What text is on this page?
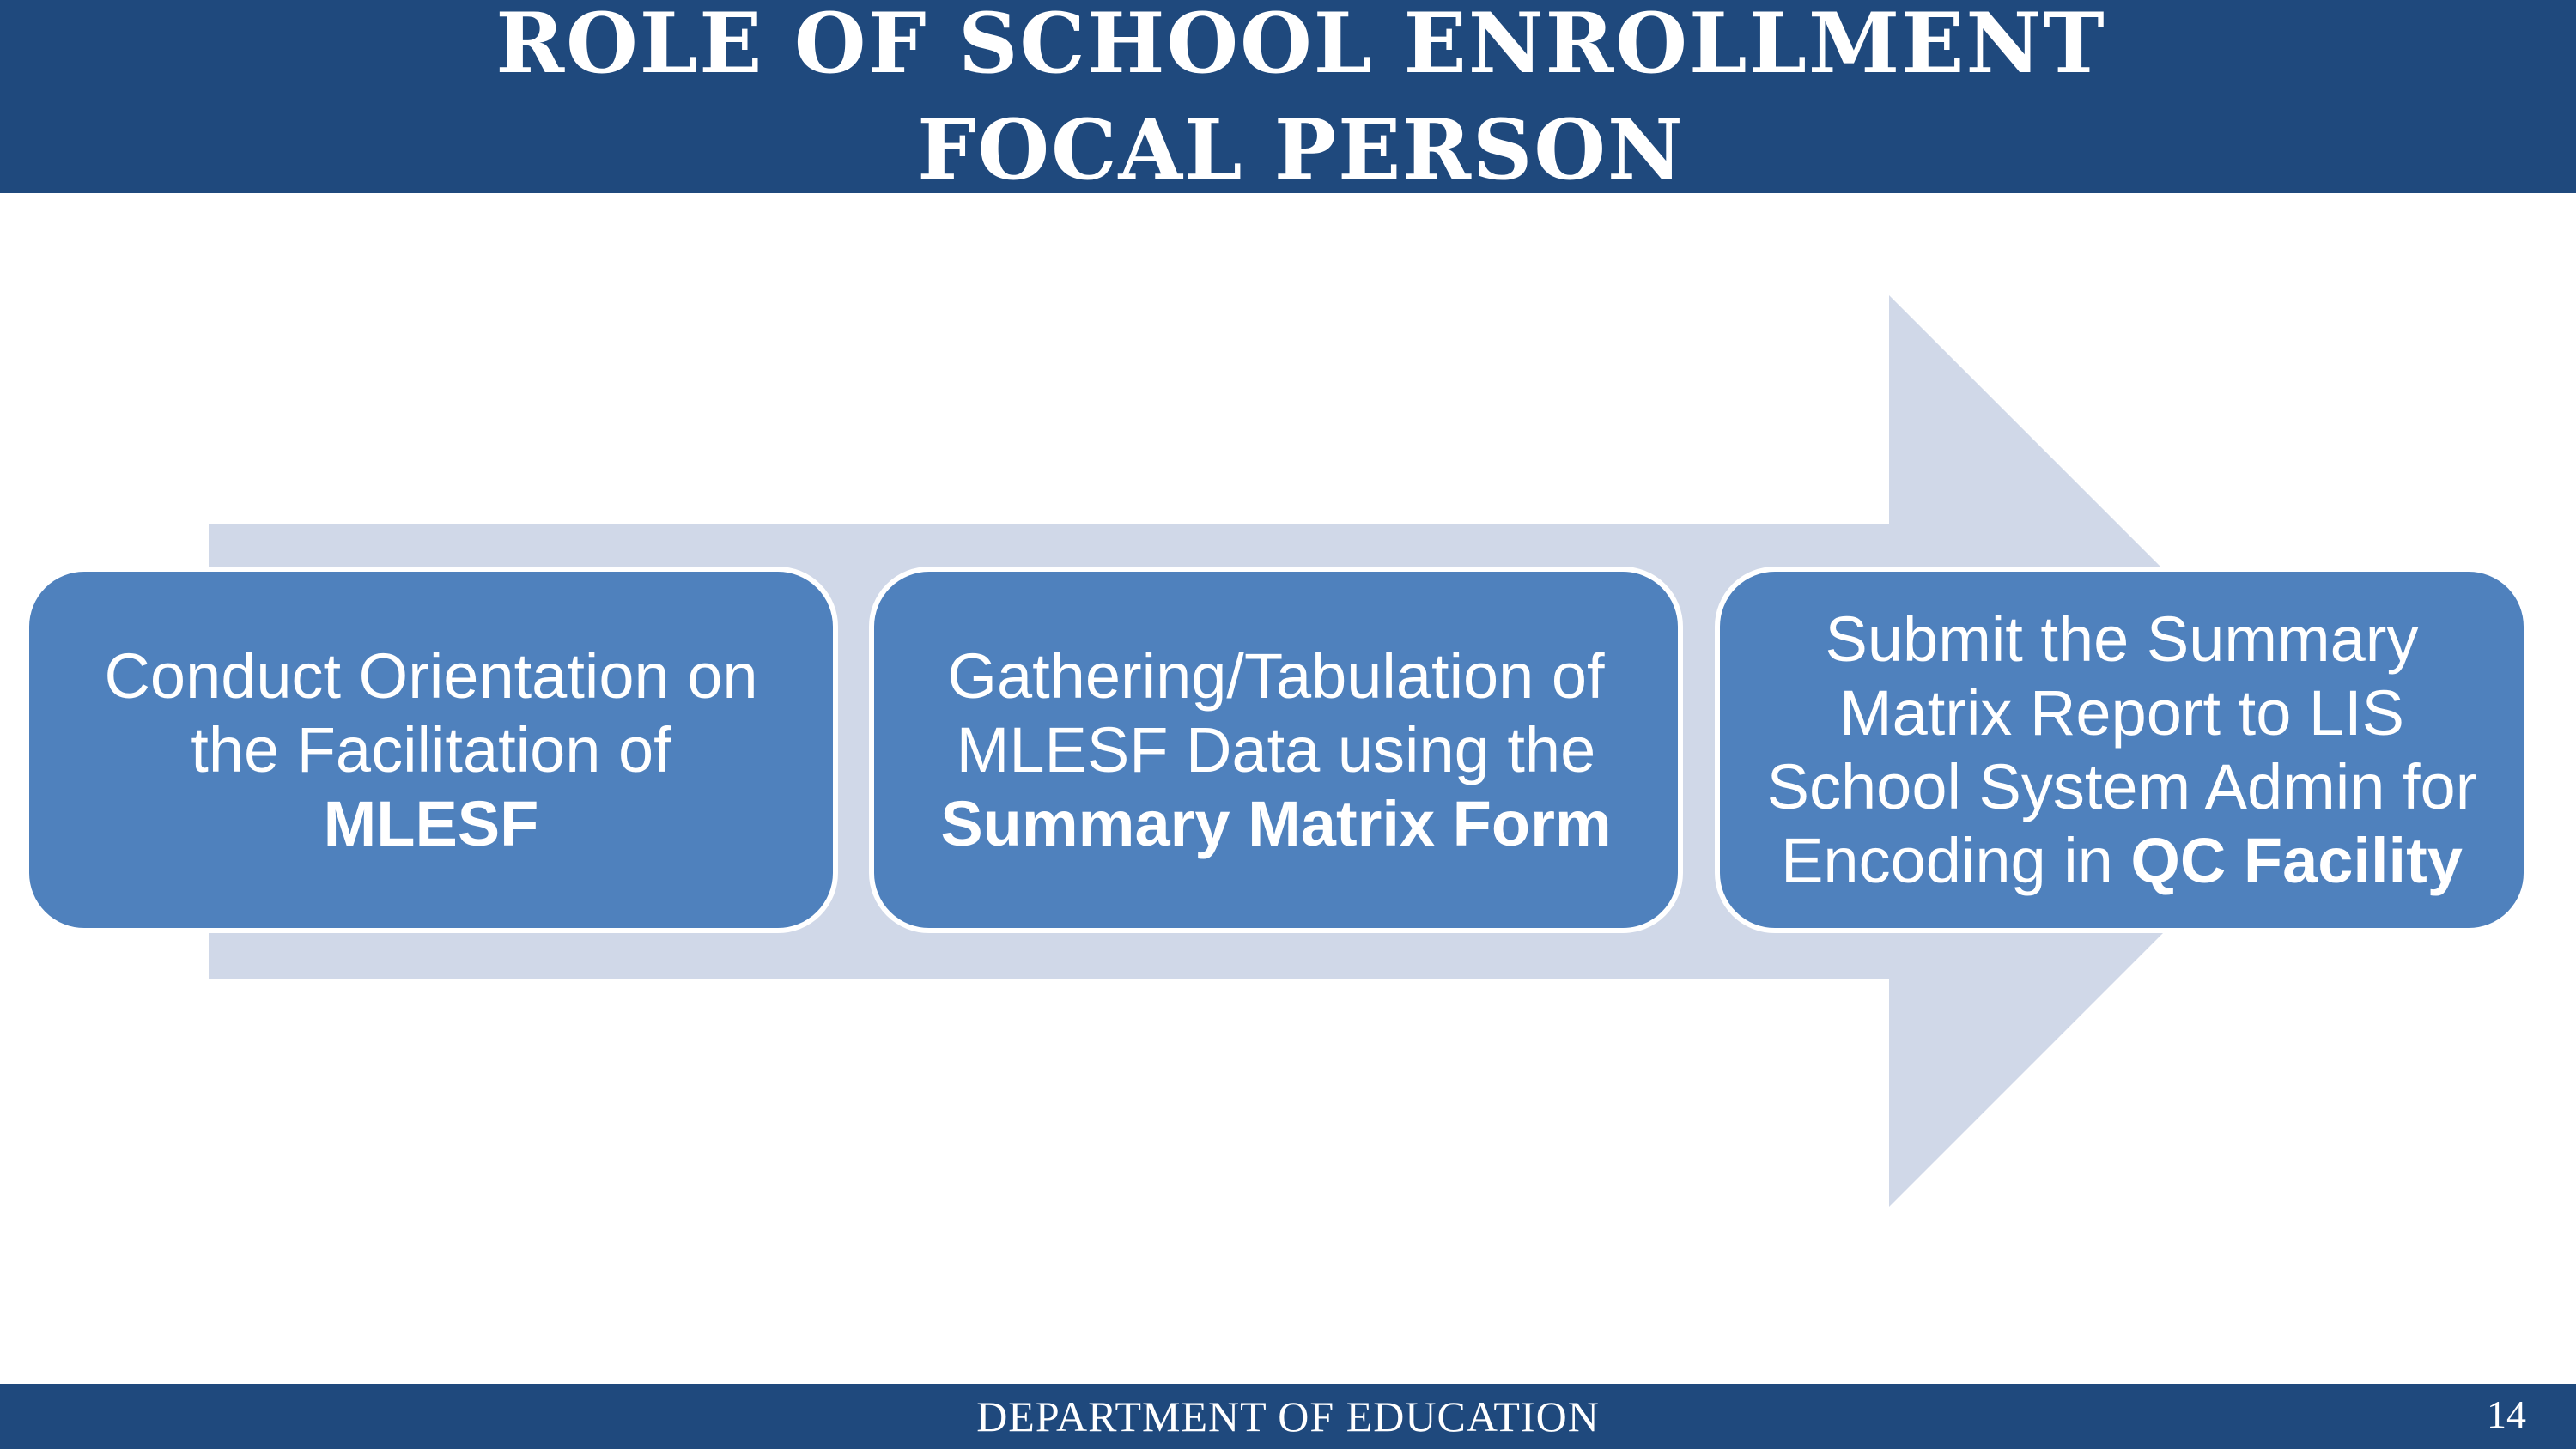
ROLE OF SCHOOL ENROLLMENT
FOCAL PERSON
Conduct Orientation on the Facilitation of
MLESF
Gathering/Tabulation of MLESF Data using the
Summary Matrix Form
Submit the Summary Matrix Report to LIS School System Admin for Encoding in QC Facility
DEPARTMENT OF EDUCATION	14
